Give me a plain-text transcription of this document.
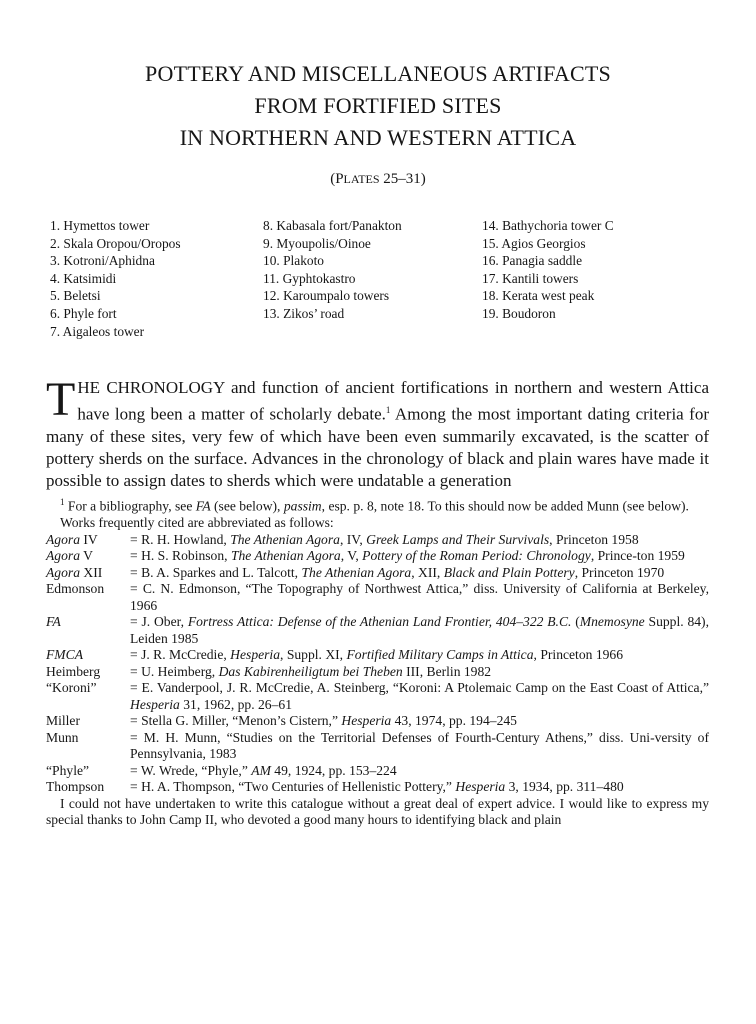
POTTERY AND MISCELLANEOUS ARTIFACTS
FROM FORTIFIED SITES
IN NORTHERN AND WESTERN ATTICA
(PLATES 25–31)
1. Hymettos tower
2. Skala Oropou/Oropos
3. Kotroni/Aphidna
4. Katsimidi
5. Beletsi
6. Phyle fort
7. Aigaleos tower
8. Kabasala fort/Panakton
9. Myoupolis/Oinoe
10. Plakoto
11. Gyphtokastro
12. Karoumpalo towers
13. Zikos’ road
14. Bathychoria tower C
15. Agios Georgios
16. Panagia saddle
17. Kantili towers
18. Kerata west peak
19. Boudoron
THE CHRONOLOGY and function of ancient fortifications in northern and western Attica have long been a matter of scholarly debate.$^1$ Among the most important dating criteria for many of these sites, very few of which have been even summarily excavated, is the scatter of pottery sherds on the surface. Advances in the chronology of black and plain wares have made it possible to assign dates to sherds which were undatable a generation

$^1$ For a bibliography, see FA (see below), passim, esp. p. 8, note 18. To this should now be added Munn (see below).

Works frequently cited are abbreviated as follows:

Agora IV	= R. H. Howland, The Athenian Agora, IV, Greek Lamps and Their Survivals, Princeton 1958
Agora V	= H. S. Robinson, The Athenian Agora, V, Pottery of the Roman Period: Chronology, Prince-ton 1959
Agora XII	= B. A. Sparkes and L. Talcott, The Athenian Agora, XII, Black and Plain Pottery, Princeton 1970
Edmonson	= C. N. Edmonson, “The Topography of Northwest Attica,” diss. University of California at Berkeley, 1966
FA	= J. Ober, Fortress Attica: Defense of the Athenian Land Frontier, 404–322 B.C. (Mnemosyne Suppl. 84), Leiden 1985
FMCA	= J. R. McCredie, Hesperia, Suppl. XI, Fortified Military Camps in Attica, Princeton 1966
Heimberg	= U. Heimberg, Das Kabirenheiligtum bei Theben III, Berlin 1982
“Koroni”	= E. Vanderpool, J. R. McCredie, A. Steinberg, “Koroni: A Ptolemaic Camp on the East Coast of Attica,” Hesperia 31, 1962, pp. 26–61
Miller	= Stella G. Miller, “Menon’s Cistern,” Hesperia 43, 1974, pp. 194–245
Munn	= M. H. Munn, “Studies on the Territorial Defenses of Fourth-Century Athens,” diss. Uni-versity of Pennsylvania, 1983
“Phyle”	= W. Wrede, “Phyle,” AM 49, 1924, pp. 153–224
Thompson	= H. A. Thompson, “Two Centuries of Hellenistic Pottery,” Hesperia 3, 1934, pp. 311–480

I could not have undertaken to write this catalogue without a great deal of expert advice. I would like to express my special thanks to John Camp II, who devoted a good many hours to identifying black and plain
